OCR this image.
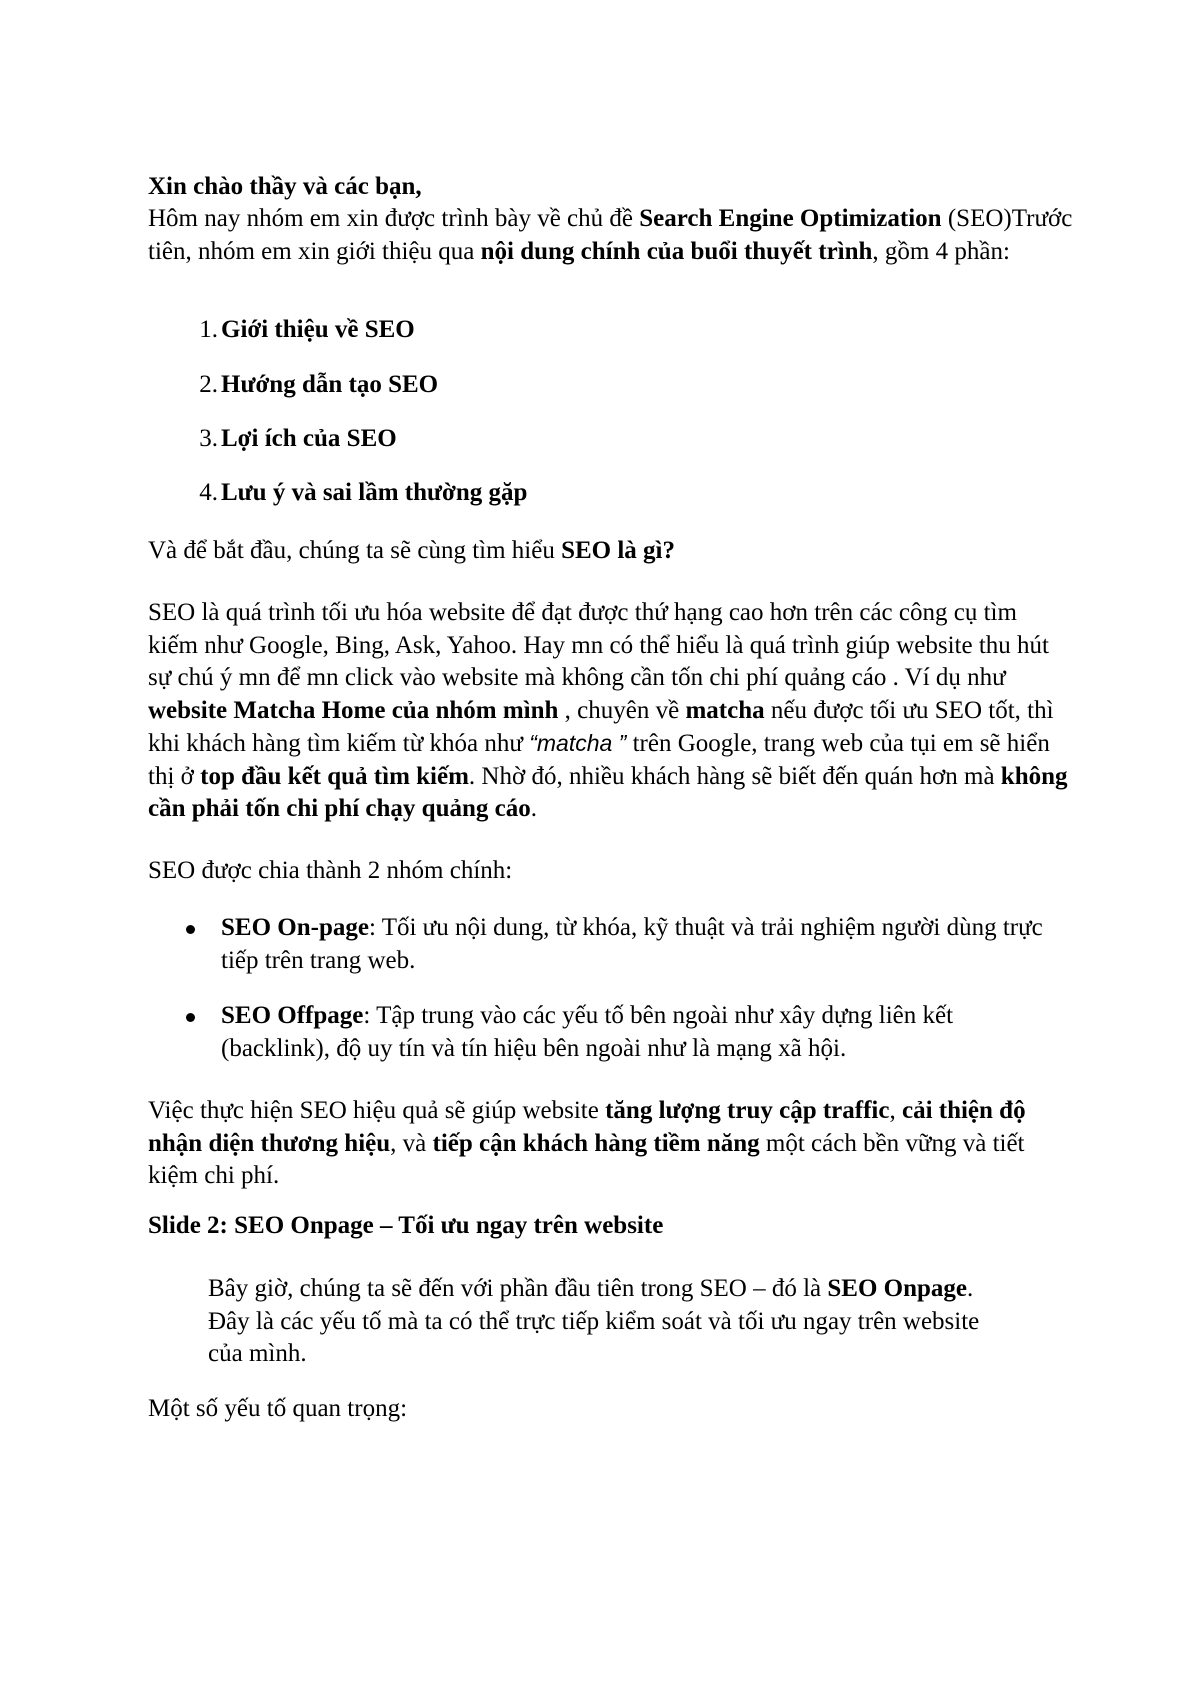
Xin chào thầy và các bạn,

Hôm nay nhóm em xin được trình bày về chủ đề Search Engine Optimization (SEO)Trước tiên, nhóm em xin giới thiệu qua nội dung chính của buổi thuyết trình, gồm 4 phần:

1. Giới thiệu về SEO
2. Hướng dẫn tạo SEO
3. Lợi ích của SEO
4. Lưu ý và sai lầm thường gặp

Và để bắt đầu, chúng ta sẽ cùng tìm hiểu SEO là gì?

SEO là quá trình tối ưu hóa website để đạt được thứ hạng cao hơn trên các công cụ tìm kiếm như Google, Bing, Ask, Yahoo. Hay mn có thể hiểu là quá trình giúp website thu hút sự chú ý mn để mn click vào website mà không cần tốn chi phí quảng cáo . Ví dụ như website Matcha Home của nhóm mình , chuyên về matcha nếu được tối ưu SEO tốt, thì khi khách hàng tìm kiếm từ khóa như “matcha ” trên Google, trang web của tụi em sẽ hiển thị ở top đầu kết quả tìm kiếm. Nhờ đó, nhiều khách hàng sẽ biết đến quán hơn mà không cần phải tốn chi phí chạy quảng cáo.

SEO được chia thành 2 nhóm chính:

SEO On-page: Tối ưu nội dung, từ khóa, kỹ thuật và trải nghiệm người dùng trực tiếp trên trang web.
SEO Offpage: Tập trung vào các yếu tố bên ngoài như xây dựng liên kết (backlink), độ uy tín và tín hiệu bên ngoài như là mạng xã hội.

Việc thực hiện SEO hiệu quả sẽ giúp website tăng lượng truy cập traffic, cải thiện độ nhận diện thương hiệu, và tiếp cận khách hàng tiềm năng một cách bền vững và tiết kiệm chi phí.

Slide 2: SEO Onpage – Tối ưu ngay trên website

Bây giờ, chúng ta sẽ đến với phần đầu tiên trong SEO – đó là SEO Onpage. Đây là các yếu tố mà ta có thể trực tiếp kiểm soát và tối ưu ngay trên website của mình.

Một số yếu tố quan trọng:
